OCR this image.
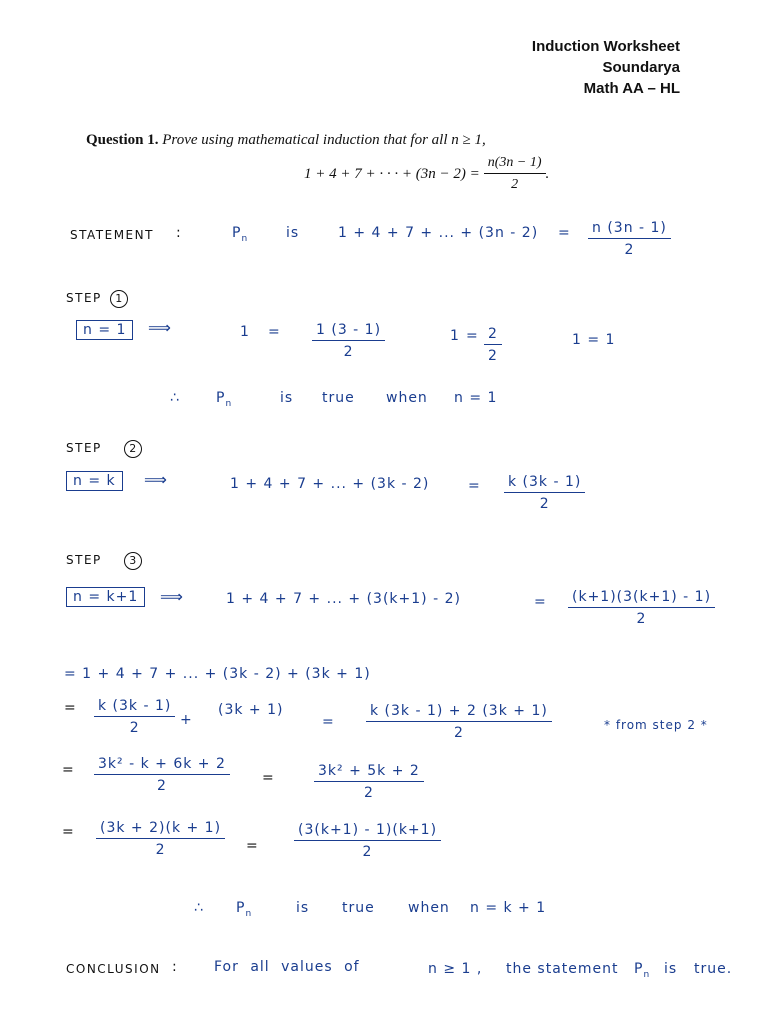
Induction Worksheet
Soundarya
Math AA – HL
Question 1. Prove using mathematical induction that for all n ≥ 1,
1 + 4 + 7 + · · · + $(3n - 2) = \frac{n(3n - 1)}{2}$ .
STATEMENT :	$P_n$	is	1 + 4 + 7 + ... + $(3n - 2) = \frac{n (3n - 1)}{2}$
STEP 1
n = 1	⟹	$1 = \frac{1 (3 - 1)}{2}$	$1 = \frac{2}{2}$	1 = 1
∴	$P_n$	is true when n = 1
STEP	2
n = k	⟹	1 + 4 + 7 + ... + (3k - 2)	= $\frac{k (3k - 1)}{2}$
STEP	3
n = k+1	⟹	1 + 4 + 7 + ... + (3(k+1) - 2)	= $\frac{(k+1)(3(k+1) - 1)}{2}$
= 1 + 4 + 7 + ... + (3k - 2) + (3k + 1)
= $\frac{k (3k - 1)}{2}$ +
(3k + 1)
= $\frac{k (3k - 1) + 2 (3k + 1)}{2}$	* from step 2 *
= $\frac{\text{3k² - k + 6k + 2}}{2}$ =	$\frac{\text{3k² + 5k + 2}}{2}$
= $\frac{(3k + 2)(k + 1)}{2}$ =	$\frac{(3(k+1) - 1)(k+1)}{2}$
∴ $P_n$	is true when n = k + 1
CONCLUSION :	For all values of	n ≥ 1 , the statement $P_n$ is true.
